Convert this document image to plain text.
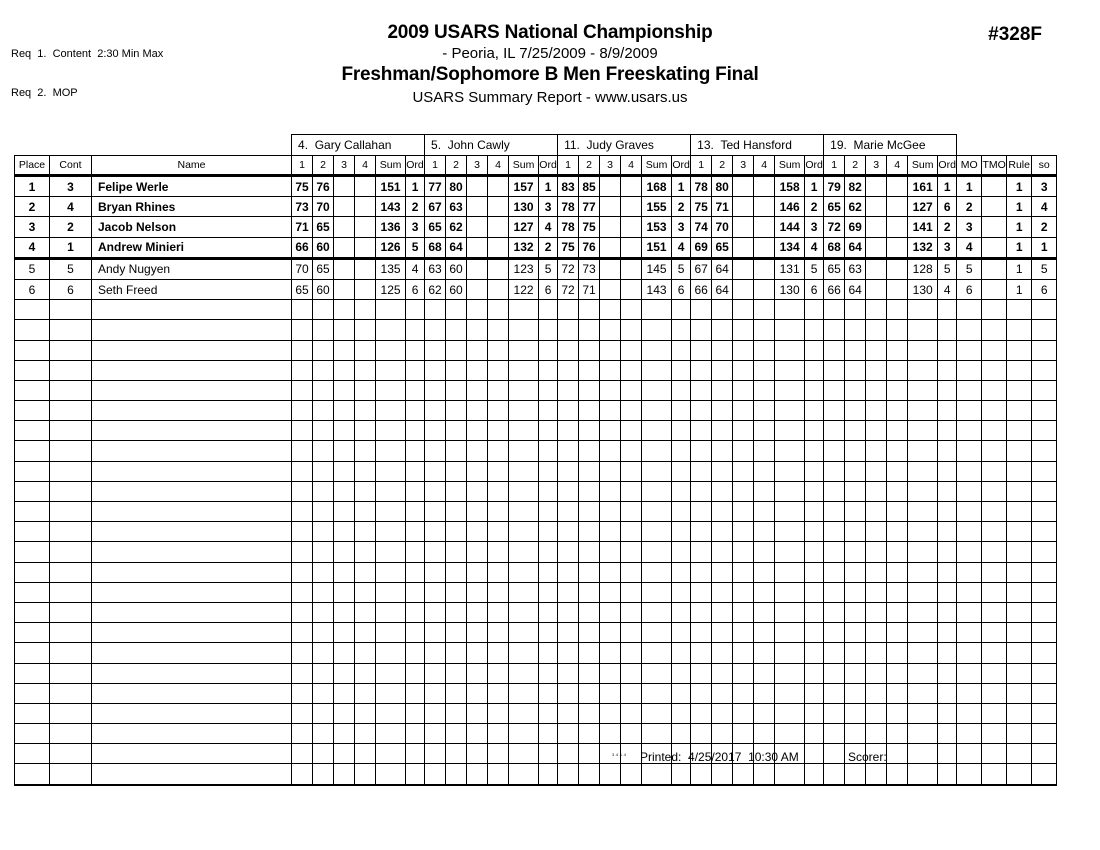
Req  1.  Content  2:30 Min Max

Req  2.  MOP

2009 USARS National Championship
- Peoria, IL 7/25/2009 - 8/9/2009
Freshman/Sophomore B Men Freeskating Final
USARS Summary Report - www.usars.us
#328F
			4. Gary Callahan						5. John Cawly						11. Judy Graves						13. Ted Hansford						19. Marie McGee									
Place	Cont	Name	1	2	3	4	Sum	Ord	1	2	3	4	Sum	Ord	1	2	3	4	Sum	Ord	1	2	3	4	Sum	Ord	1	2	3	4	Sum	Ord	MO	TMO	Rule	so
1	3	Felipe Werle	75	76			151	1	77	80			157	1	83	85			168	1	78	80			158	1	79	82			161	1	1		1	3
2	4	Bryan Rhines	73	70			143	2	67	63			130	3	78	77			155	2	75	71			146	2	65	62			127	6	2		1	4
3	2	Jacob Nelson	71	65			136	3	65	62			127	4	78	75			153	3	74	70			144	3	72	69			141	2	3		1	2
4	1	Andrew Minieri	66	60			126	5	68	64			132	2	75	76			151	4	69	65			134	4	68	64			132	3	4		1	1
5	5	Andy Nugyen	70	65			135	4	63	60			123	5	72	73			145	5	67	64			131	5	65	63			128	5	5		1	5
6	6	Seth Freed	65	60			125	6	62	60			122	6	72	71			143	6	66	64			130	6	66	64			130	4	6		1	6

3.4.1.4 Printed:  4/25/2017  10:30 AM	Scorer:
